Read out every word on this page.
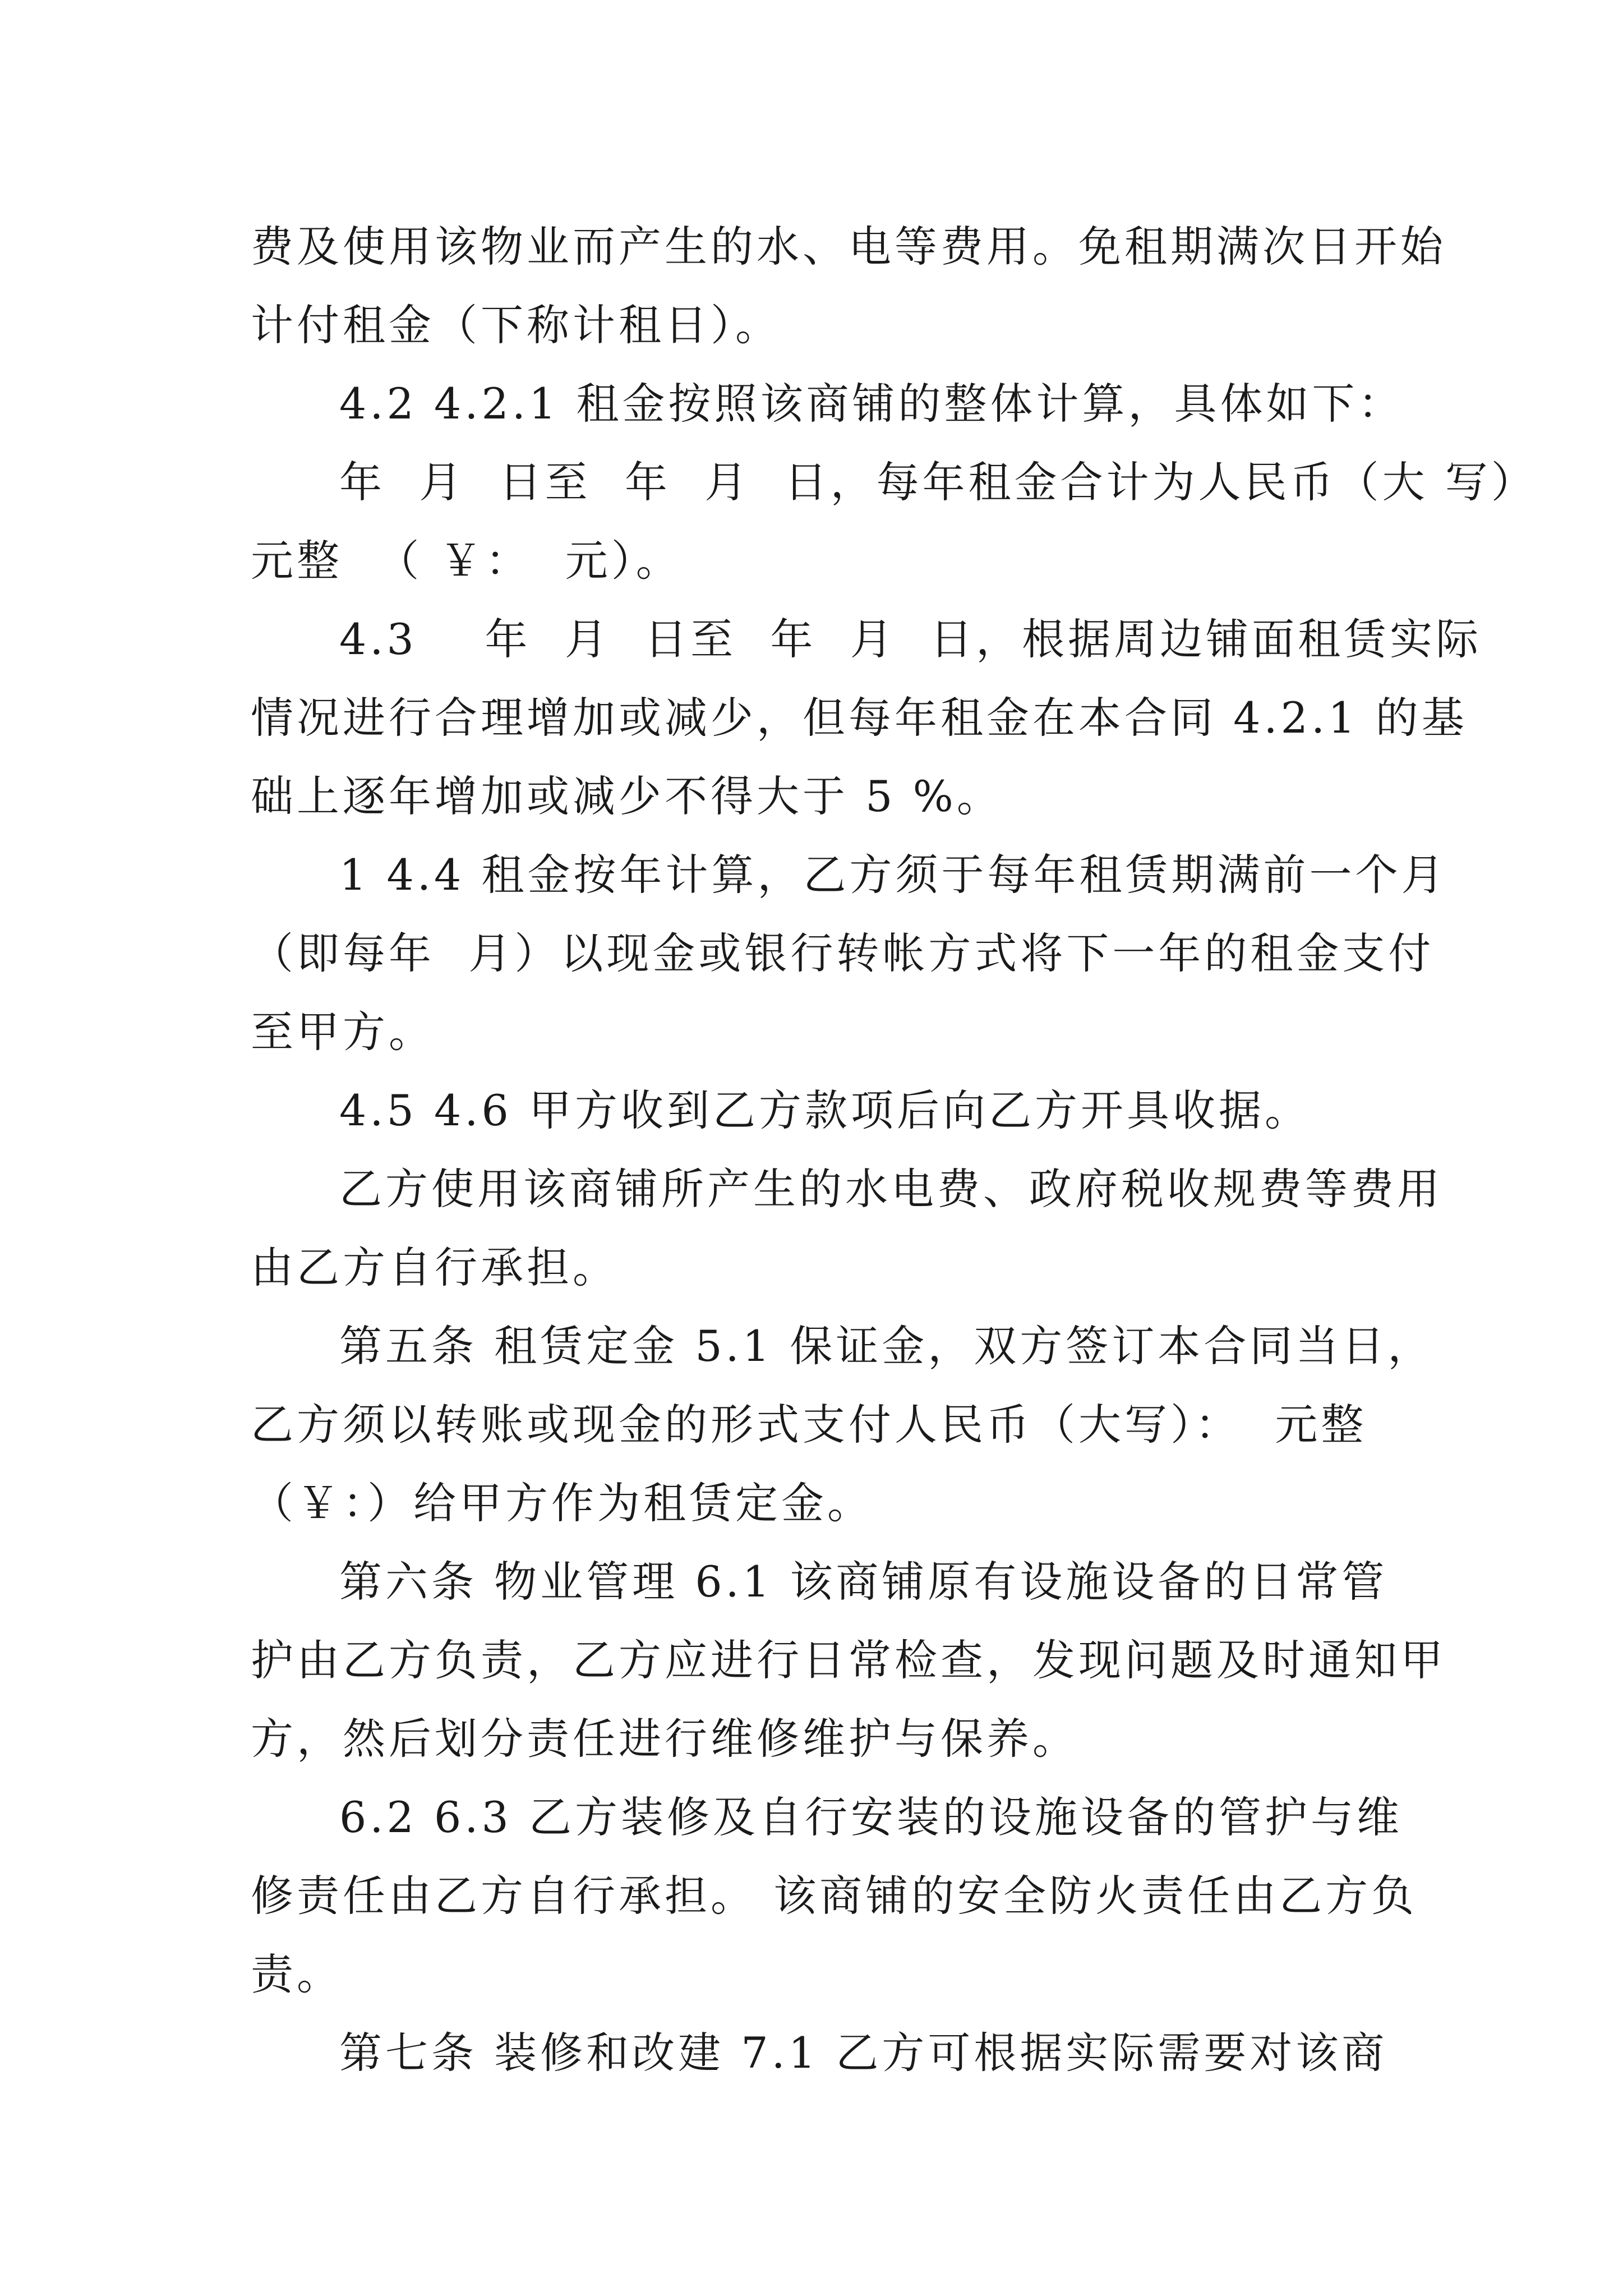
费及使用该物业而产生的水、电等费用。免租期满次日开始
计付租金（下称计租日）。
4.2 4.2.1 租金按照该商铺的整体计算，具体如下：
年  月  日至  年  月  日，每年租金合计为人民币（大 写）
元整  （ ￥：  元）。
4.3    年  月  日至  年  月  日，根据周边铺面租赁实际
情况进行合理增加或减少，但每年租金在本合同 4.2.1 的基
础上逐年增加或减少不得大于 5 %。
1 4.4 租金按年计算，乙方须于每年租赁期满前一个月
（即每年  月）以现金或银行转帐方式将下一年的租金支付
至甲方。
4.5 4.6 甲方收到乙方款项后向乙方开具收据。
乙方使用该商铺所产生的水电费、政府税收规费等费用
由乙方自行承担。
第五条 租赁定金 5.1 保证金，双方签订本合同当日，
乙方须以转账或现金的形式支付人民币（大写）：  元整
（￥：）给甲方作为租赁定金。
第六条 物业管理 6.1 该商铺原有设施设备的日常管
护由乙方负责，乙方应进行日常检查，发现问题及时通知甲
方，然后划分责任进行维修维护与保养。
6.2 6.3 乙方装修及自行安装的设施设备的管护与维
修责任由乙方自行承担。 该商铺的安全防火责任由乙方负
责。
第七条 装修和改建 7.1 乙方可根据实际需要对该商
